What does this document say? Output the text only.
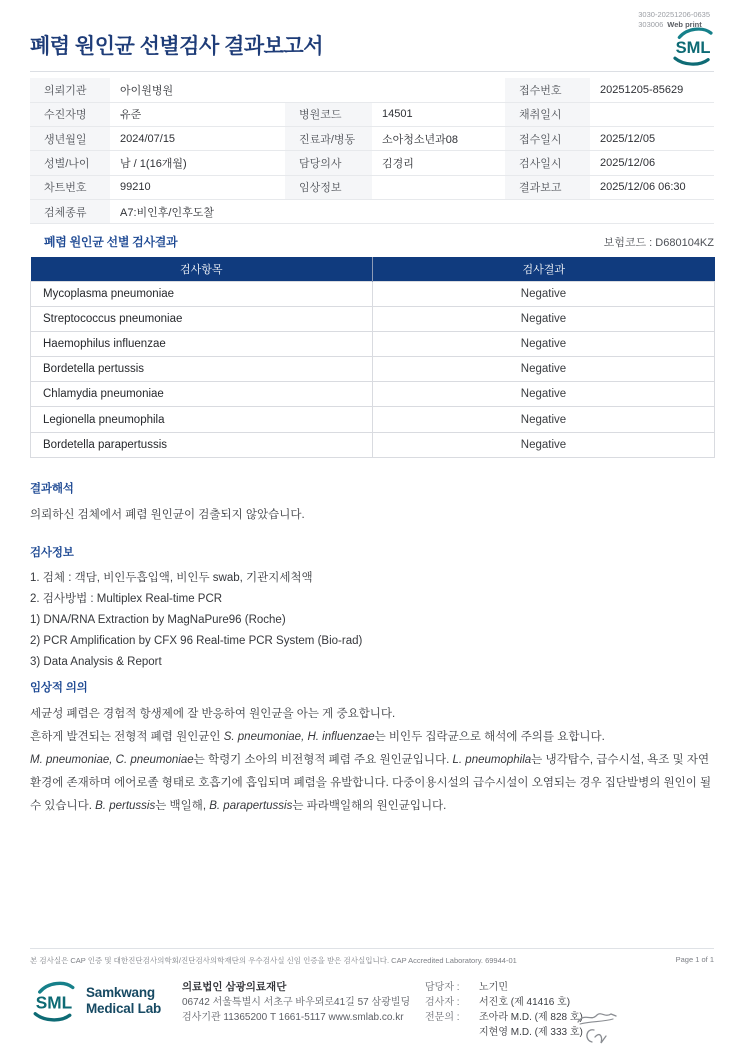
폐렴 원인균 선별검사 결과보고서
3030-20251206-0635
303006 Web print
SML
의뢰기관	아이원병원			접수번호	20251205-85629

수진자명	유준	병원코드	14501	채취일시	

생년월일	2024/07/15	진료과/병동	소아청소년과08	접수일시	2025/12/05

성별/나이	남 / 1(16개월)	담당의사	김경리	검사일시	2025/12/06

차트번호	99210	임상정보		결과보고	2025/12/06 06:30

검체종류	A7:비인후/인후도찰				
폐렴 원인균 선별 검사결과	보험코드 : D680104KZ
검사항목	검사결과
Mycoplasma pneumoniae	Negative
Streptococcus pneumoniae	Negative
Haemophilus influenzae	Negative
Bordetella pertussis	Negative
Chlamydia pneumoniae	Negative
Legionella pneumophila	Negative
Bordetella parapertussis	Negative
결과해석
의뢰하신 검체에서 폐렴 원인균이 검출되지 않았습니다.
검사정보
1. 검체 : 객담, 비인두흡입액, 비인두 swab, 기관지세척액
2. 검사방법 : Multiplex Real-time PCR
1) DNA/RNA Extraction by MagNaPure96 (Roche)
2) PCR Amplification by CFX 96 Real-time PCR System (Bio-rad)
3) Data Analysis & Report
임상적 의의
세균성 폐렴은 경험적 항생제에 잘 반응하여 원인균을 아는 게 중요합니다.
흔하게 발견되는 전형적 폐렴 원인균인 S. pneumoniae, H. influenzae는 비인두 집락균으로 해석에 주의를 요합니다.
M. pneumoniae, C. pneumoniae는 학령기 소아의 비전형적 폐렴 주요 원인균입니다. L. pneumophila는 냉각탑수, 급수시설, 욕조 및 자연환경에 존재하며 에어로졸 형태로 호흡기에 흡입되며 폐렴을 유발합니다. 다중이용시설의 급수시설이 오염되는 경우 집단발병의 원인이 될 수 있습니다. B. pertussis는 백일해, B. parapertussis는 파라백일해의 원인균입니다.
본 검사실은 CAP 인증 및 대한진단검사의학회/진단검사의학재단의 우수검사실 신임 인증을 받은 검사실입니다. CAP Accredited Laboratory. 69944-01	Page 1 of 1
SML Samkwang
Medical Lab
의료법인 삼광의료재단
06742 서울특별시 서초구 바우뫼로41길 57 삼광빌딩
검사기관 11365200 T 1661-5117 www.smlab.co.kr
담당자 :	노기민
검사자 :	서진호 (제 41416 호)
전문의 :	조아라 M.D. (제 828 호)
	지현영 M.D. (제 333 호)
